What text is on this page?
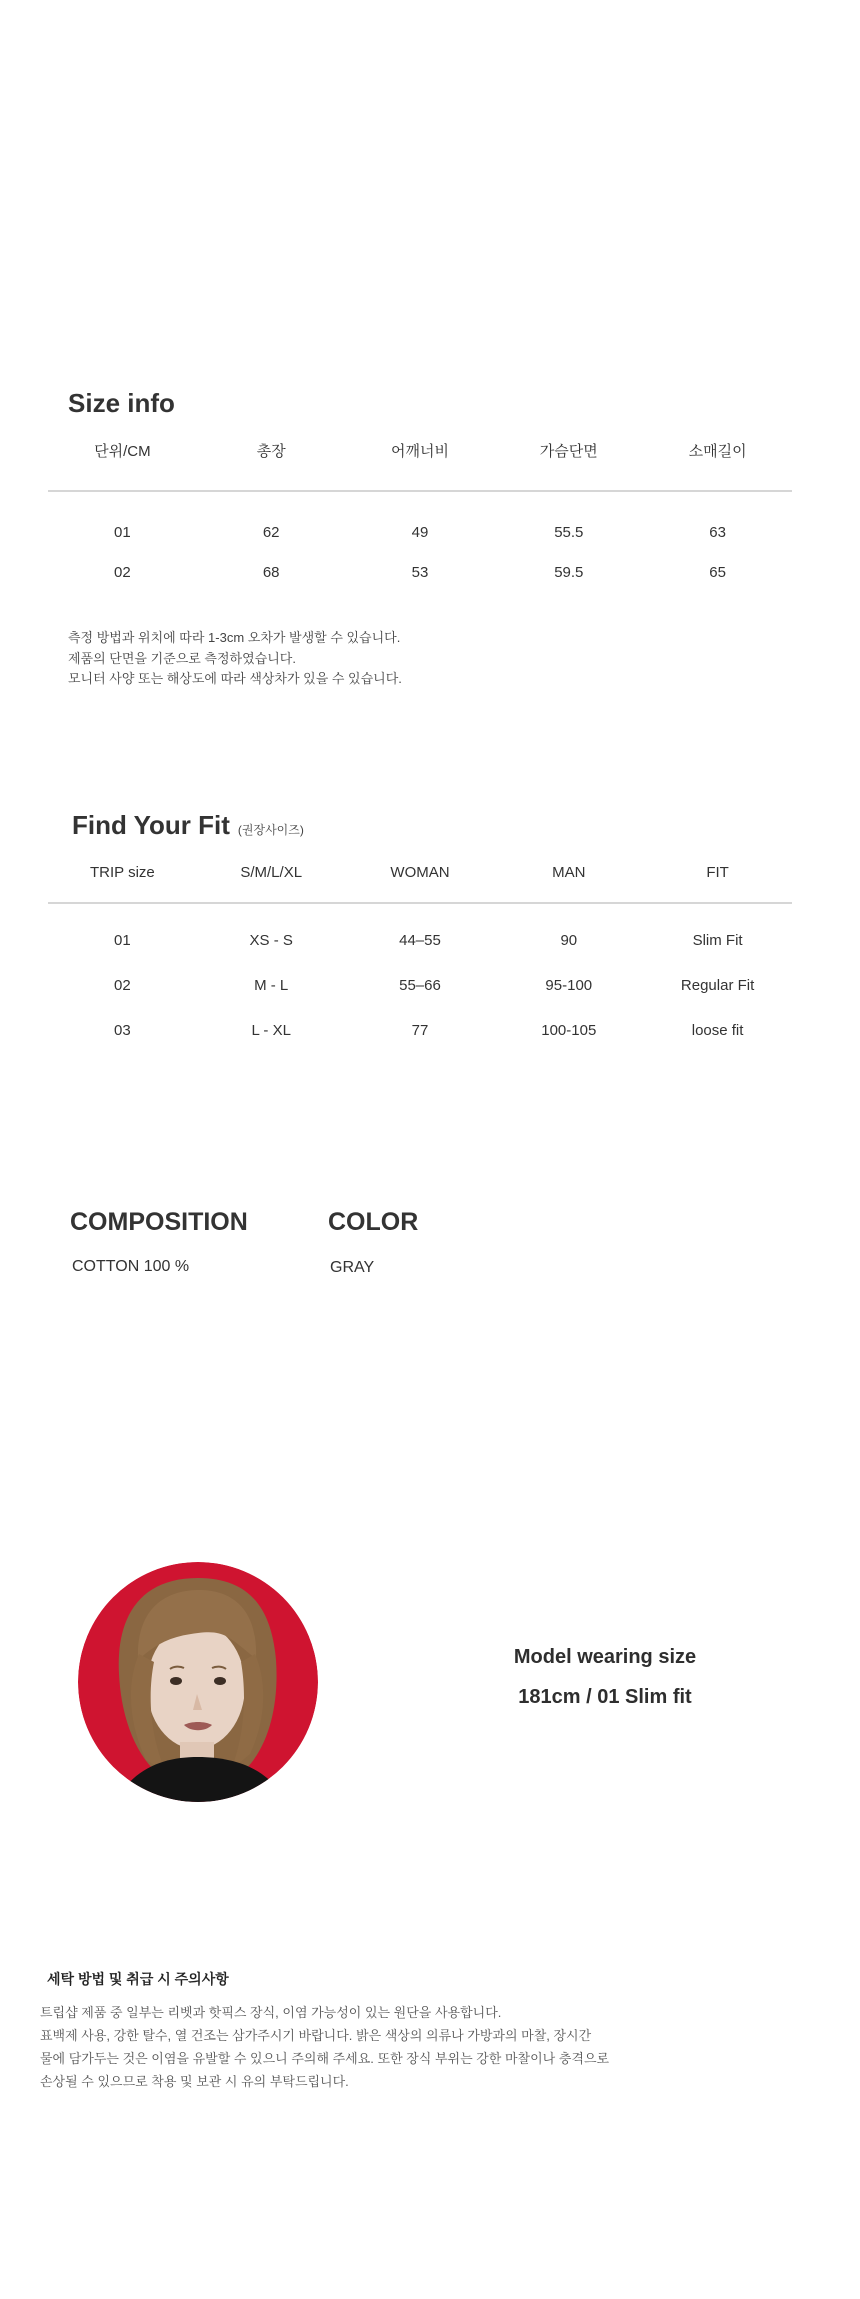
Size info
단위/CM	총장	어깨너비	가슴단면	소매길이
01	62	49	55.5	63
02	68	53	59.5	65
측정 방법과 위치에 따라 1-3cm 오차가 발생할 수 있습니다.
제품의 단면을 기준으로 측정하였습니다.
모니터 사양 또는 해상도에 따라 색상차가 있을 수 있습니다.
Find Your Fit (권장사이즈)
TRIP size	S/M/L/XL	WOMAN	MAN	FIT
01	XS - S	44–55	90	Slim Fit
02	M - L	55–66	95-100	Regular Fit
03	L - XL	77	100-105	loose fit
COMPOSITION
COTTON 100 %
COLOR
GRAY
Model wearing size
181cm / 01 Slim fit
세탁 방법 및 취급 시 주의사항
트립샵 제품 중 일부는 리벳과 핫픽스 장식, 이염 가능성이 있는 원단을 사용합니다.
표백제 사용, 강한 탈수, 열 건조는 삼가주시기 바랍니다. 밝은 색상의 의류나 가방과의 마찰, 장시간
물에 담가두는 것은 이염을 유발할 수 있으니 주의해 주세요. 또한 장식 부위는 강한 마찰이나 충격으로
손상될 수 있으므로 착용 및 보관 시 유의 부탁드립니다.
